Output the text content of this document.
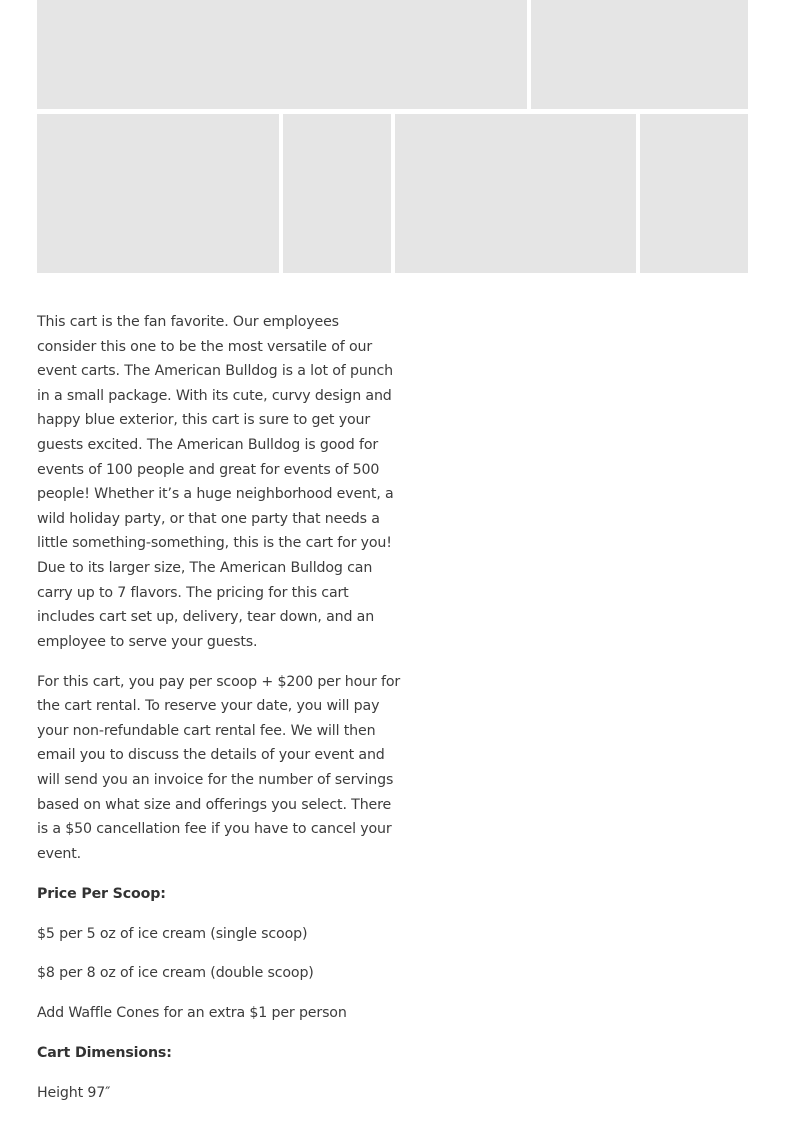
This cart is the fan favorite. Our employees consider this one to be the most versatile of our event carts. The American Bulldog is a lot of punch in a small package. With its cute, curvy design and happy blue exterior, this cart is sure to get your guests excited. The American Bulldog is good for events of 100 people and great for events of 500 people! Whether it’s a huge neighborhood event, a wild holiday party, or that one party that needs a little something-something, this is the cart for you! Due to its larger size, The American Bulldog can carry up to 7 flavors. The pricing for this cart includes cart set up, delivery, tear down, and an employee to serve your guests.

For this cart, you pay per scoop + $200 per hour for the cart rental. To reserve your date, you will pay your non-refundable cart rental fee. We will then email you to discuss the details of your event and will send you an invoice for the number of servings based on what size and offerings you select. There is a $50 cancellation fee if you have to cancel your event.

Price Per Scoop:

$5 per 5 oz of ice cream (single scoop)

$8 per 8 oz of ice cream (double scoop)

Add Waffle Cones for an extra $1 per person

Cart Dimensions:

Height 97″
